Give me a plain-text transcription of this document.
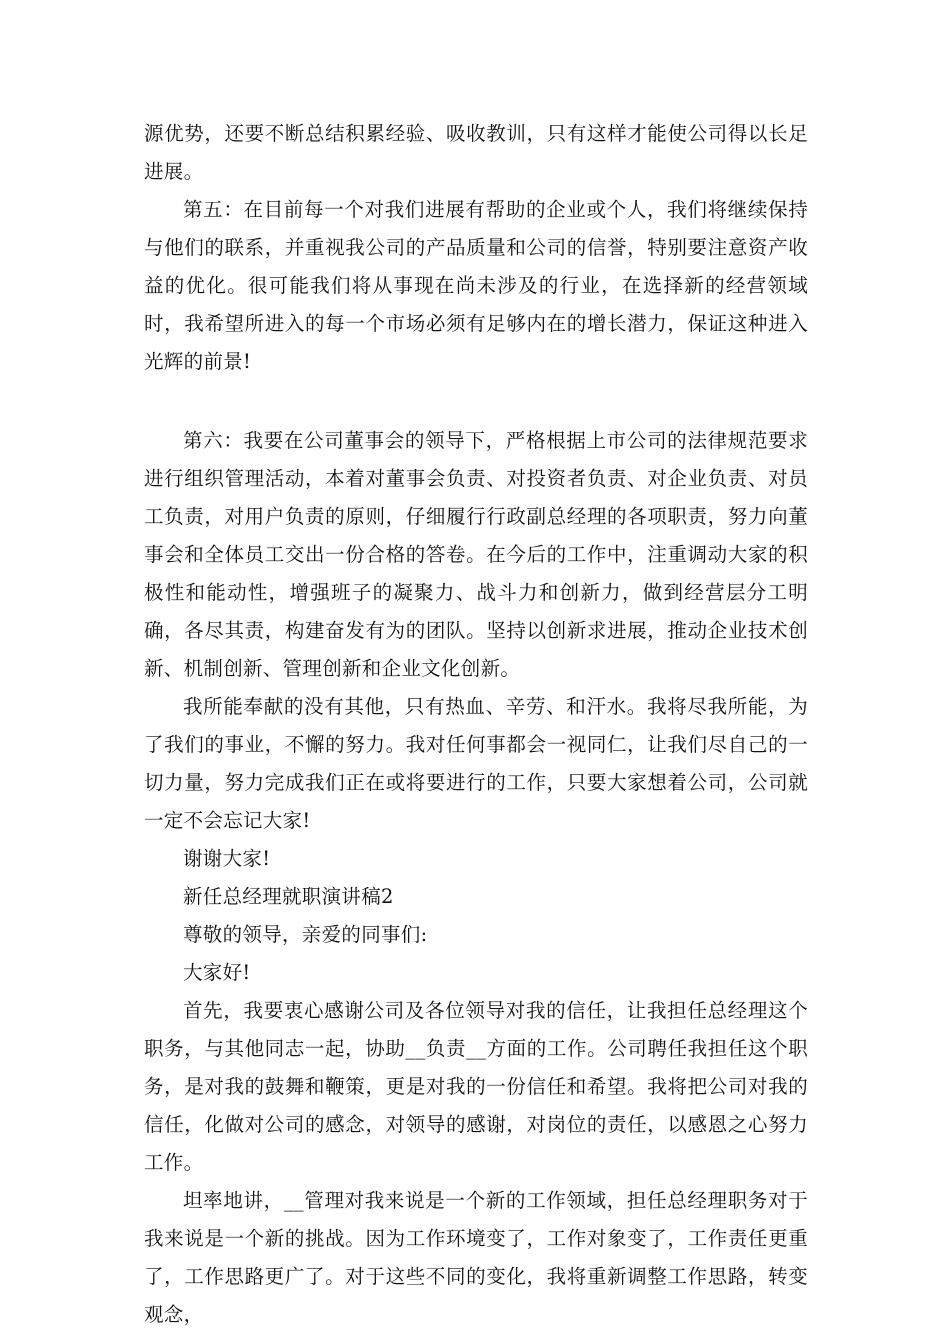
源优势，还要不断总结积累经验、吸收教训，只有这样才能使公司得以长足进展。

第五：在目前每一个对我们进展有帮助的企业或个人，我们将继续保持与他们的联系，并重视我公司的产品质量和公司的信誉，特别要注意资产收益的优化。很可能我们将从事现在尚未涉及的行业，在选择新的经营领域时，我希望所进入的每一个市场必须有足够内在的增长潜力，保证这种进入光辉的前景!

第六：我要在公司董事会的领导下，严格根据上市公司的法律规范要求进行组织管理活动，本着对董事会负责、对投资者负责、对企业负责、对员工负责，对用户负责的原则，仔细履行行政副总经理的各项职责，努力向董事会和全体员工交出一份合格的答卷。在今后的工作中，注重调动大家的积极性和能动性，增强班子的凝聚力、战斗力和创新力，做到经营层分工明确，各尽其责，构建奋发有为的团队。坚持以创新求进展，推动企业技术创新、机制创新、管理创新和企业文化创新。

我所能奉献的没有其他，只有热血、辛劳、和汗水。我将尽我所能，为了我们的事业，不懈的努力。我对任何事都会一视同仁，让我们尽自己的一切力量，努力完成我们正在或将要进行的工作，只要大家想着公司，公司就一定不会忘记大家!

谢谢大家!

新任总经理就职演讲稿2

尊敬的领导，亲爱的同事们:

大家好!

首先，我要衷心感谢公司及各位领导对我的信任，让我担任总经理这个职务，与其他同志一起，协助__负责__方面的工作。公司聘任我担任这个职务，是对我的鼓舞和鞭策，更是对我的一份信任和希望。我将把公司对我的信任，化做对公司的感念，对领导的感谢，对岗位的责任，以感恩之心努力工作。

坦率地讲，__管理对我来说是一个新的工作领域，担任总经理职务对于我来说是一个新的挑战。因为工作环境变了，工作对象变了，工作责任更重了，工作思路更广了。对于这些不同的变化，我将重新调整工作思路，转变观念，
